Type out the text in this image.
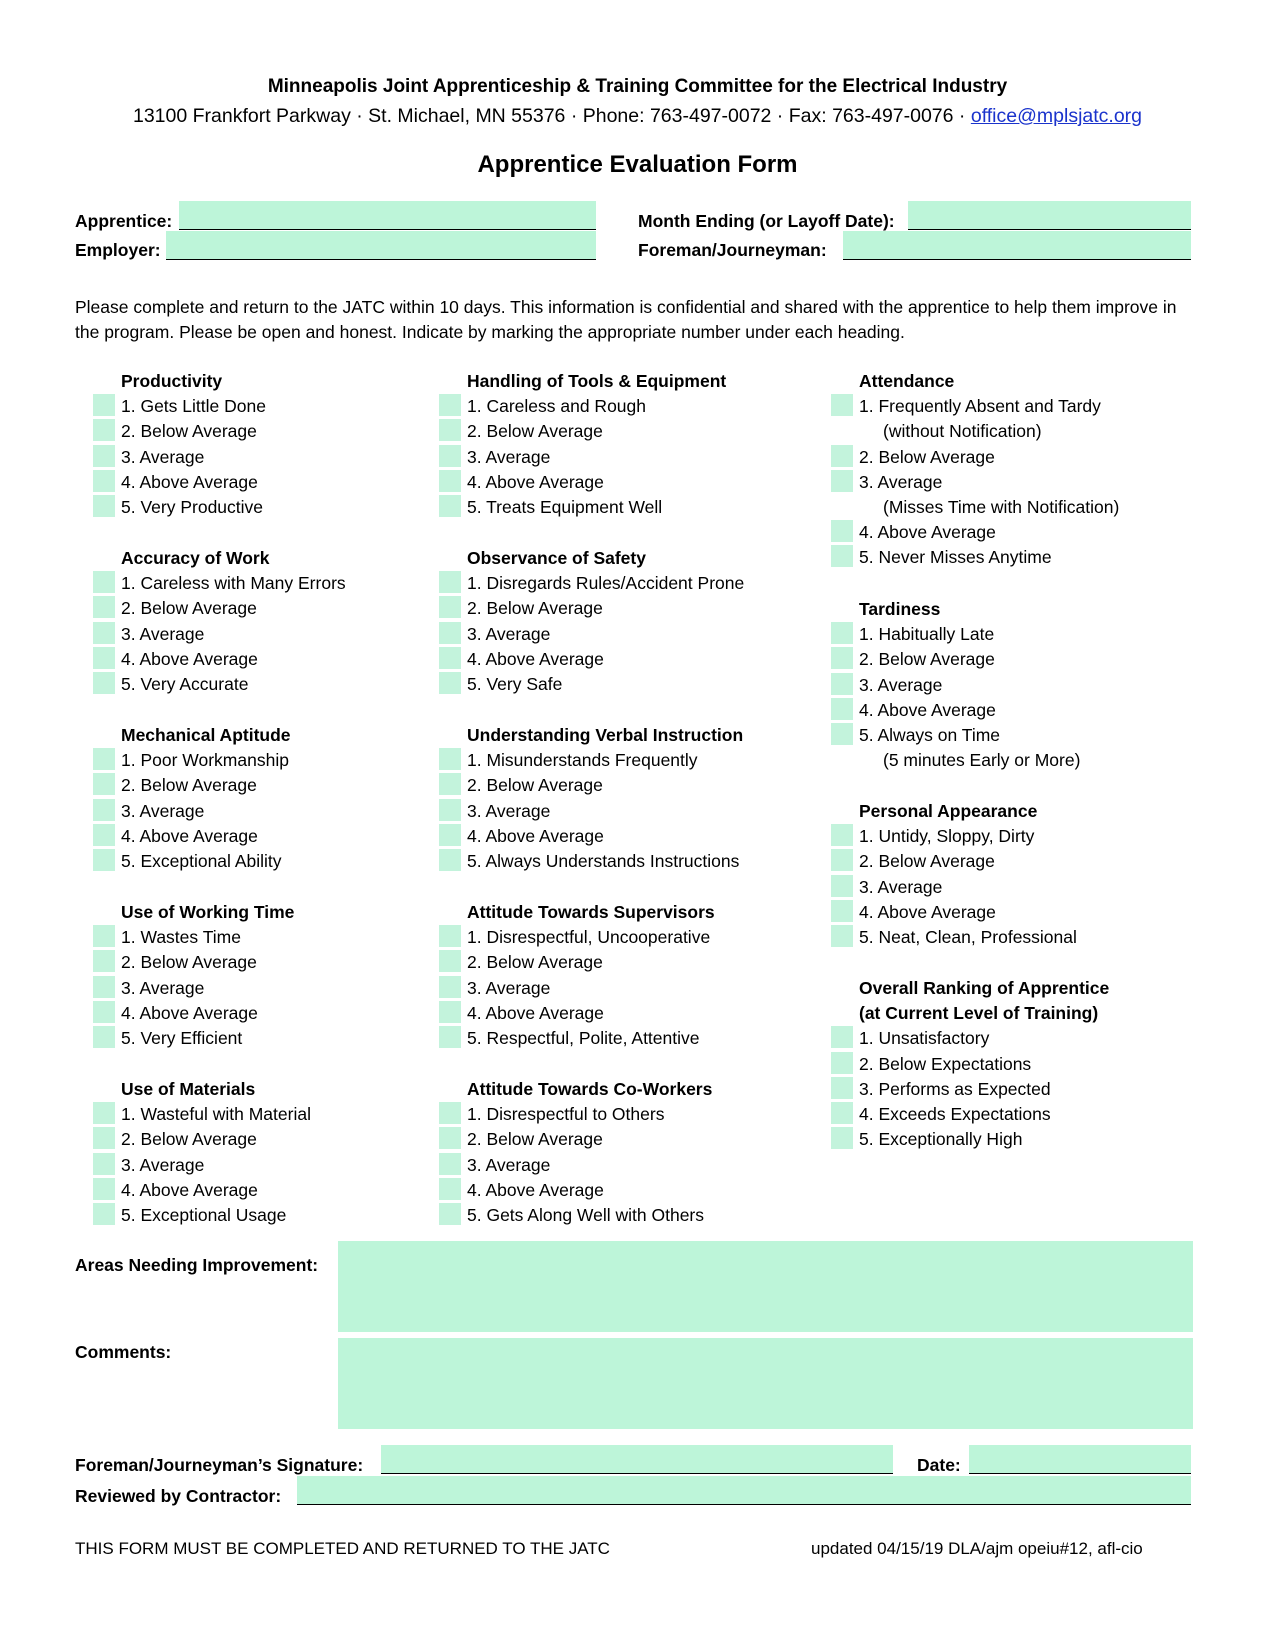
Minneapolis Joint Apprenticeship & Training Committee for the Electrical Industry
13100 Frankfort Parkway · St. Michael, MN 55376 · Phone: 763-497-0072 · Fax: 763-497-0076 · office@mplsjatc.org
Apprentice Evaluation Form
Apprentice:
Employer:
Month Ending (or Layoff Date):
Foreman/Journeyman:
Please complete and return to the JATC within 10 days. This information is confidential and shared with the apprentice to help them improve in the program. Please be open and honest. Indicate by marking the appropriate number under each heading.
Productivity
1. Gets Little Done
2. Below Average
3. Average
4. Above Average
5. Very Productive
Accuracy of Work
1. Careless with Many Errors
2. Below Average
3. Average
4. Above Average
5. Very Accurate
Mechanical Aptitude
1. Poor Workmanship
2. Below Average
3. Average
4. Above Average
5. Exceptional Ability
Use of Working Time
1. Wastes Time
2. Below Average
3. Average
4. Above Average
5. Very Efficient
Use of Materials
1. Wasteful with Material
2. Below Average
3. Average
4. Above Average
5. Exceptional Usage
Handling of Tools & Equipment
1. Careless and Rough
2. Below Average
3. Average
4. Above Average
5. Treats Equipment Well
Observance of Safety
1. Disregards Rules/Accident Prone
2. Below Average
3. Average
4. Above Average
5. Very Safe
Understanding Verbal Instruction
1. Misunderstands Frequently
2. Below Average
3. Average
4. Above Average
5. Always Understands Instructions
Attitude Towards Supervisors
1. Disrespectful, Uncooperative
2. Below Average
3. Average
4. Above Average
5. Respectful, Polite, Attentive
Attitude Towards Co-Workers
1. Disrespectful to Others
2. Below Average
3. Average
4. Above Average
5. Gets Along Well with Others
Attendance
1. Frequently Absent and Tardy
(without Notification)
2. Below Average
3. Average
(Misses Time with Notification)
4. Above Average
5. Never Misses Anytime
Tardiness
1. Habitually Late
2. Below Average
3. Average
4. Above Average
5. Always on Time
(5 minutes Early or More)
Personal Appearance
1. Untidy, Sloppy, Dirty
2. Below Average
3. Average
4. Above Average
5. Neat, Clean, Professional
Overall Ranking of Apprentice
(at Current Level of Training)
1. Unsatisfactory
2. Below Expectations
3. Performs as Expected
4. Exceeds Expectations
5. Exceptionally High
Areas Needing Improvement:
Comments:
Foreman/Journeyman’s Signature:	Date:
Reviewed by Contractor:
THIS FORM MUST BE COMPLETED AND RETURNED TO THE JATC	updated 04/15/19 DLA/ajm opeiu#12, afl-cio
